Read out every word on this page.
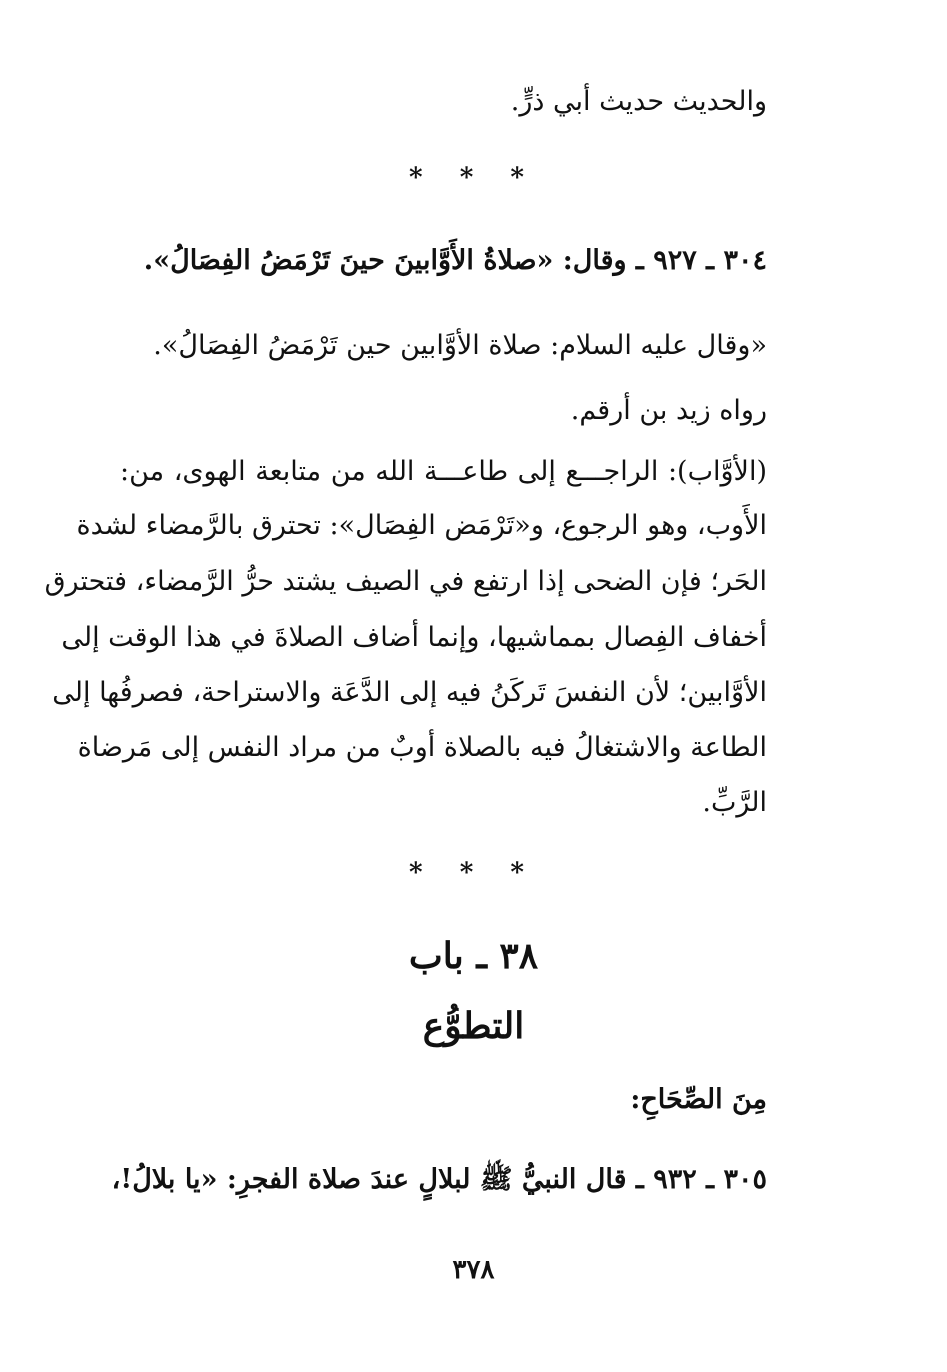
والحديث حديث أبي ذرٍّ.
* * *
٣٠٤ ـ ٩٢٧ ـ وقال: «صلاةُ الأَوَّابينَ حينَ تَرْمَضُ الفِصَالُ».
«وقال عليه السلام: صلاة الأوَّابين حين تَرْمَضُ الفِصَالُ».
رواه زيد بن أرقم.
(الأوَّاب): الراجـــع إلى طاعـــة الله من متابعة الهوى، من:
الأَوب، وهو الرجوع، و«تَرْمَض الفِصَال»: تحترق بالرَّمضاء لشدة
الحَر؛ فإن الضحى إذا ارتفع في الصيف يشتد حرُّ الرَّمضاء، فتحترق
أخفاف الفِصال بمماشيها، وإنما أضاف الصلاةَ في هذا الوقت إلى
الأوَّابين؛ لأن النفسَ تَركَنُ فيه إلى الدَّعَة والاستراحة، فصرفُها إلى
الطاعة والاشتغالُ فيه بالصلاة أوبٌ من مراد النفس إلى مَرضاة
الرَّبِّ.
* * *
٣٨ ـ باب
التطوُّع
مِنَ الصِّحَاحِ:
٣٠٥ ـ ٩٣٢ ـ قال النبيُّ ﷺ لبلالٍ عندَ صلاة الفجرِ: «يا بلالُ!،
٣٧٨
